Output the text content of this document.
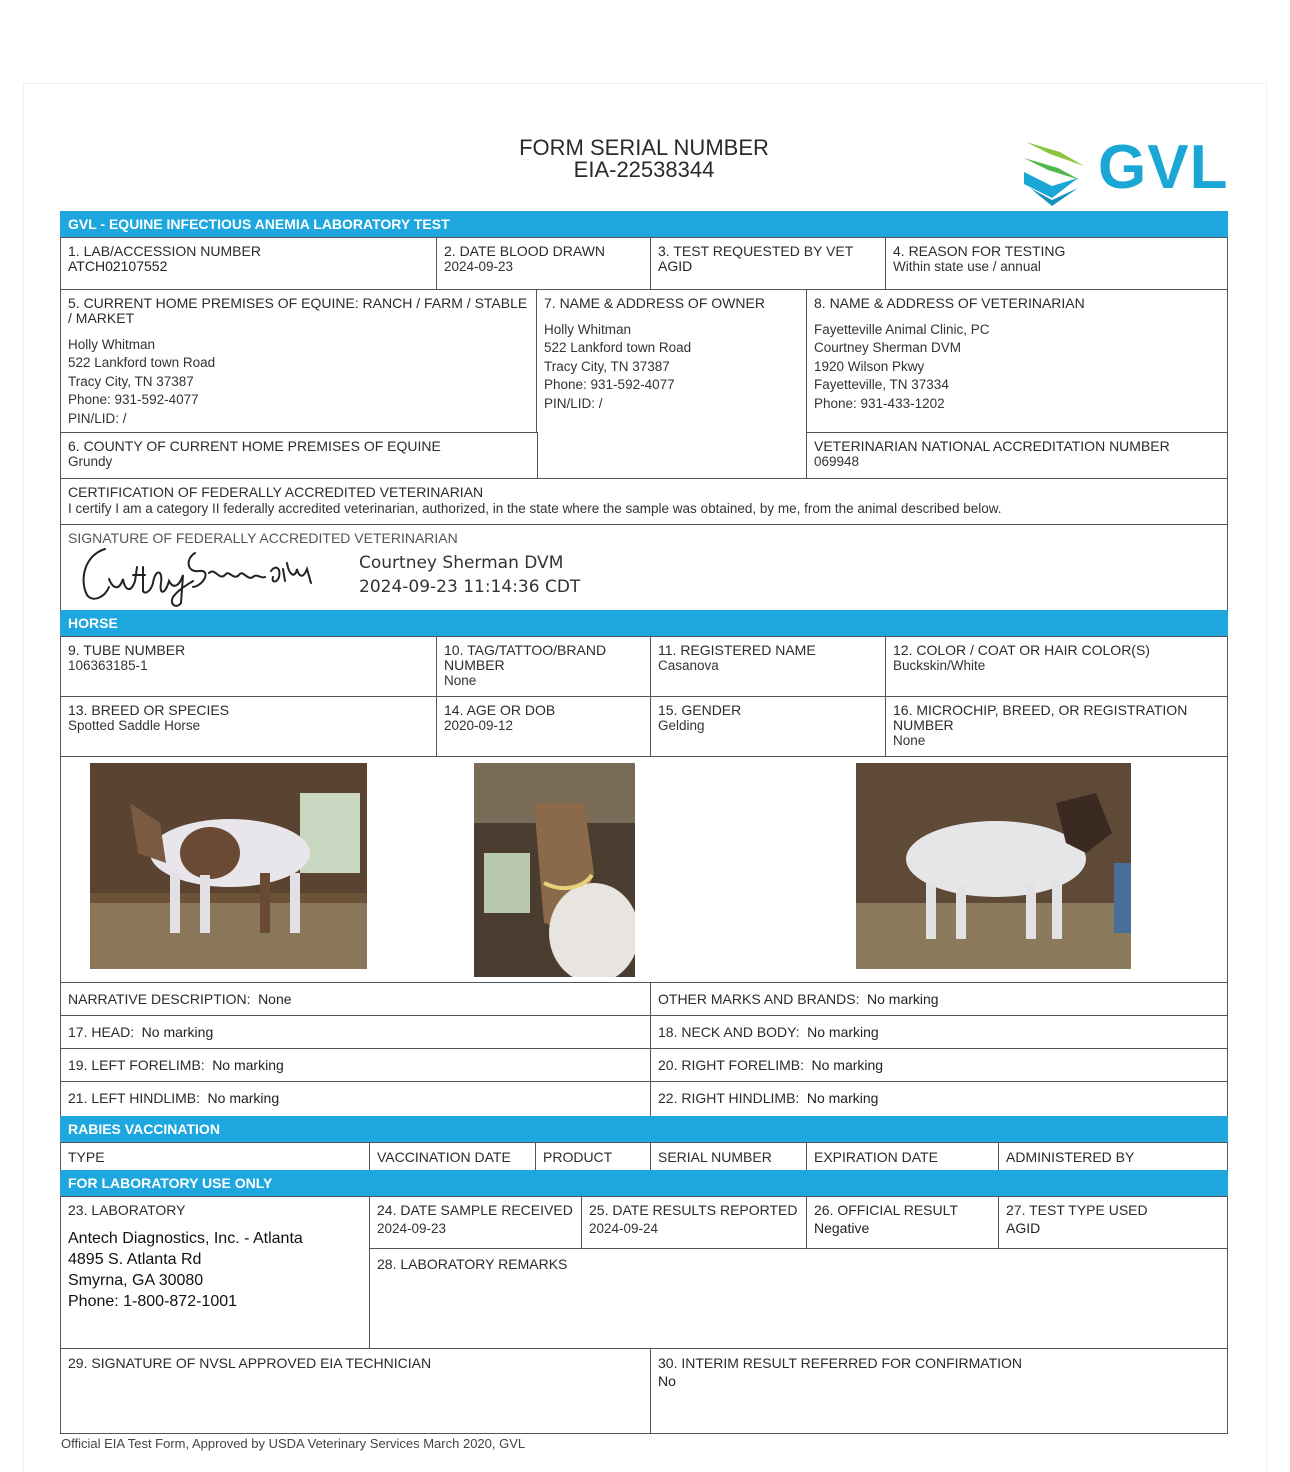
FORM SERIAL NUMBER
EIA-22538344	GVL
GVL - EQUINE INFECTIOUS ANEMIA LABORATORY TEST
1. LAB/ACCESSION NUMBER
ATCH02107552
2. DATE BLOOD DRAWN
2024-09-23
3. TEST REQUESTED BY VET
AGID
4. REASON FOR TESTING
Within state use / annual
5. CURRENT HOME PREMISES OF EQUINE: RANCH / FARM / STABLE / MARKET
Holly Whitman
522 Lankford town Road
Tracy City, TN 37387
Phone: 931-592-4077
PIN/LID: /
7. NAME & ADDRESS OF OWNER
Holly Whitman
522 Lankford town Road
Tracy City, TN 37387
Phone: 931-592-4077
PIN/LID: /
8. NAME & ADDRESS OF VETERINARIAN
Fayetteville Animal Clinic, PC
Courtney Sherman DVM
1920 Wilson Pkwy
Fayetteville, TN 37334
Phone: 931-433-1202
6. COUNTY OF CURRENT HOME PREMISES OF EQUINE
Grundy
VETERINARIAN NATIONAL ACCREDITATION NUMBER
069948
CERTIFICATION OF FEDERALLY ACCREDITED VETERINARIAN
I certify I am a category II federally accredited veterinarian, authorized, in the state where the sample was obtained, by me, from the animal described below.
SIGNATURE OF FEDERALLY ACCREDITED VETERINARIAN
Courtney Sherman DVM
2024-09-23 11:14:36 CDT
HORSE
9. TUBE NUMBER
106363185-1
10. TAG/TATTOO/BRAND NUMBER
None
11. REGISTERED NAME
Casanova
12. COLOR / COAT OR HAIR COLOR(S)
Buckskin/White
13. BREED OR SPECIES
Spotted Saddle Horse
14. AGE OR DOB
2020-09-12
15. GENDER
Gelding
16. MICROCHIP, BREED, OR REGISTRATION NUMBER
None
NARRATIVE DESCRIPTION: None	OTHER MARKS AND BRANDS: No marking
17. HEAD: No marking	18. NECK AND BODY: No marking
19. LEFT FORELIMB: No marking	20. RIGHT FORELIMB: No marking
21. LEFT HINDLIMB: No marking	22. RIGHT HINDLIMB: No marking
RABIES VACCINATION
TYPE	VACCINATION DATE	PRODUCT	SERIAL NUMBER	EXPIRATION DATE	ADMINISTERED BY
FOR LABORATORY USE ONLY
23. LABORATORY
Antech Diagnostics, Inc. - Atlanta
4895 S. Atlanta Rd
Smyrna, GA 30080
Phone: 1-800-872-1001
24. DATE SAMPLE RECEIVED
2024-09-23
25. DATE RESULTS REPORTED
2024-09-24
26. OFFICIAL RESULT
Negative
27. TEST TYPE USED
AGID
28. LABORATORY REMARKS
29. SIGNATURE OF NVSL APPROVED EIA TECHNICIAN	30. INTERIM RESULT REFERRED FOR CONFIRMATION
No
Official EIA Test Form, Approved by USDA Veterinary Services March 2020, GVL
